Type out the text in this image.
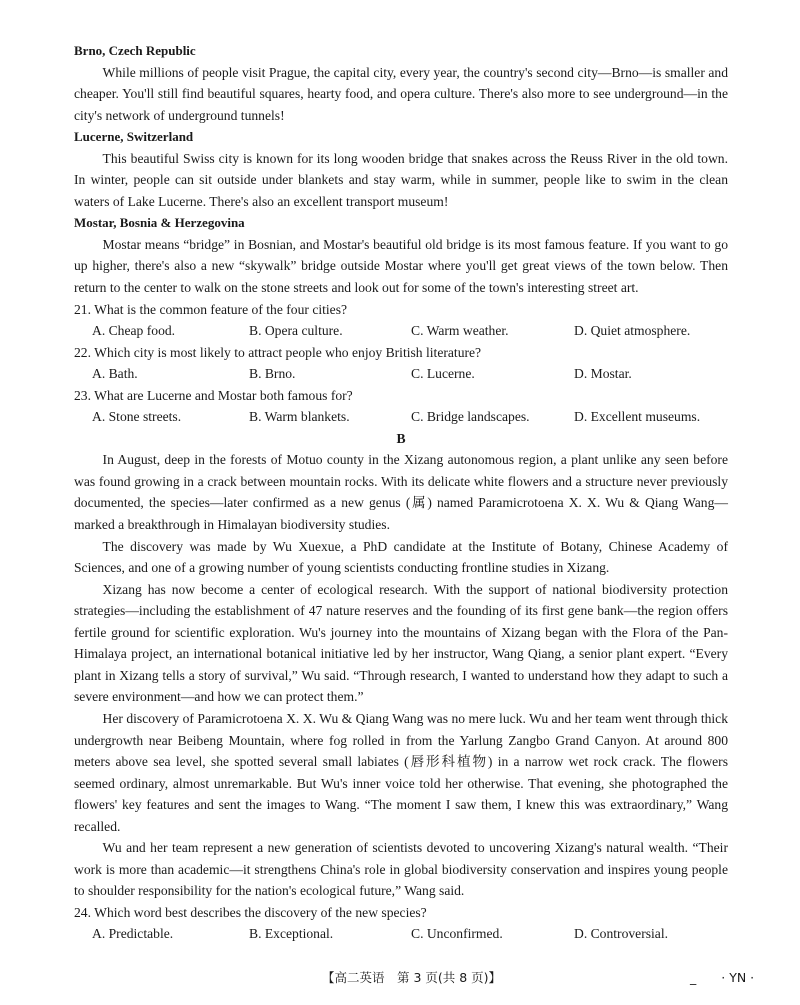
Brno, Czech Republic
While millions of people visit Prague, the capital city, every year, the country's second city—Brno—is smaller and cheaper. You'll still find beautiful squares, hearty food, and opera culture. There's also more to see underground—in the city's network of underground tunnels!
Lucerne, Switzerland
This beautiful Swiss city is known for its long wooden bridge that snakes across the Reuss River in the old town. In winter, people can sit outside under blankets and stay warm, while in summer, people like to swim in the clean waters of Lake Lucerne. There's also an excellent transport museum!
Mostar, Bosnia & Herzegovina
Mostar means “bridge” in Bosnian, and Mostar's beautiful old bridge is its most famous feature. If you want to go up higher, there's also a new “skywalk” bridge outside Mostar where you'll get great views of the town below. Then return to the center to walk on the stone streets and look out for some of the town's interesting street art.
21. What is the common feature of the four cities?
A. Cheap food.	B. Opera culture.	C. Warm weather.	D. Quiet atmosphere.
22. Which city is most likely to attract people who enjoy British literature?
A. Bath.	B. Brno.	C. Lucerne.	D. Mostar.
23. What are Lucerne and Mostar both famous for?
A. Stone streets.	B. Warm blankets.	C. Bridge landscapes.	D. Excellent museums.
B
In August, deep in the forests of Motuo county in the Xizang autonomous region, a plant unlike any seen before was found growing in a crack between mountain rocks. With its delicate white flowers and a structure never previously documented, the species—later confirmed as a new genus (属) named Paramicrotoena X. X. Wu & Qiang Wang—marked a breakthrough in Himalayan biodiversity studies.
The discovery was made by Wu Xuexue, a PhD candidate at the Institute of Botany, Chinese Academy of Sciences, and one of a growing number of young scientists conducting frontline studies in Xizang.
Xizang has now become a center of ecological research. With the support of national biodiversity protection strategies—including the establishment of 47 nature reserves and the founding of its first gene bank—the region offers fertile ground for scientific exploration. Wu's journey into the mountains of Xizang began with the Flora of the Pan-Himalaya project, an international botanical initiative led by her instructor, Wang Qiang, a senior plant expert. “Every plant in Xizang tells a story of survival,” Wu said. “Through research, I wanted to understand how they adapt to such a severe environment—and how we can protect them.”
Her discovery of Paramicrotoena X. X. Wu & Qiang Wang was no mere luck. Wu and her team went through thick undergrowth near Beibeng Mountain, where fog rolled in from the Yarlung Zangbo Grand Canyon. At around 800 meters above sea level, she spotted several small labiates (唇形科植物) in a narrow wet rock crack. The flowers seemed ordinary, almost unremarkable. But Wu's inner voice told her otherwise. That evening, she photographed the flowers' key features and sent the images to Wang. “The moment I saw them, I knew this was extraordinary,” Wang recalled.
Wu and her team represent a new generation of scientists devoted to uncovering Xizang's natural wealth. “Their work is more than academic—it strengthens China's role in global biodiversity conservation and inspires young people to shoulder responsibility for the nation's ecological future,” Wang said.
24. Which word best describes the discovery of the new species?
A. Predictable.	B. Exceptional.	C. Unconfirmed.	D. Controversial.
【高二英语　第 3 页(共 8 页)】	_　　· YN ·
